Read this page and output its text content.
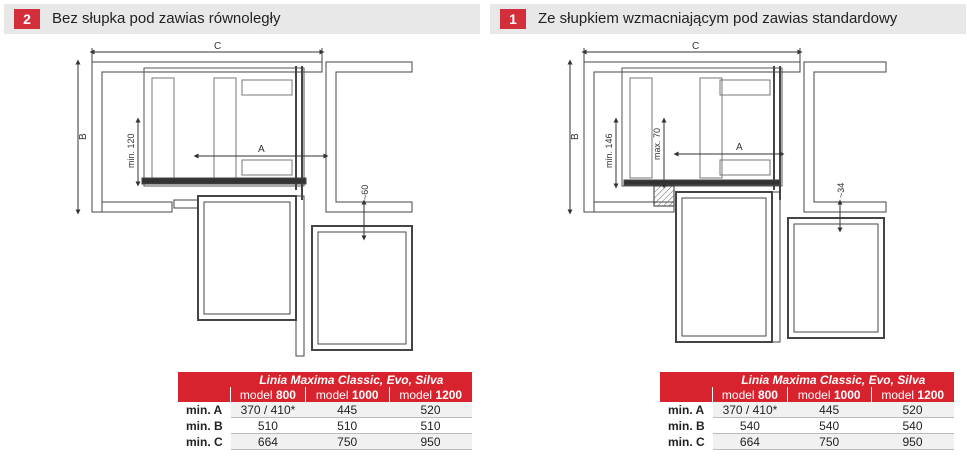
2	Bez słupka pod zawias równoległy
C
B
A
min. 120
~60
	Linia Maxima Classic, Evo, Silva		
	model 800	model 1000	model 1200
min. A	370 / 410*	445	520
min. B	510	510	510
min. C	664	750	950
1	Ze słupkiem wzmacniającym pod zawias standardowy
C
B
A
min. 146	max. 70
~34
	Linia Maxima Classic, Evo, Silva		
	model 800	model 1000	model 1200
min. A	370 / 410*	445	520
min. B	540	540	540
min. C	664	750	950
